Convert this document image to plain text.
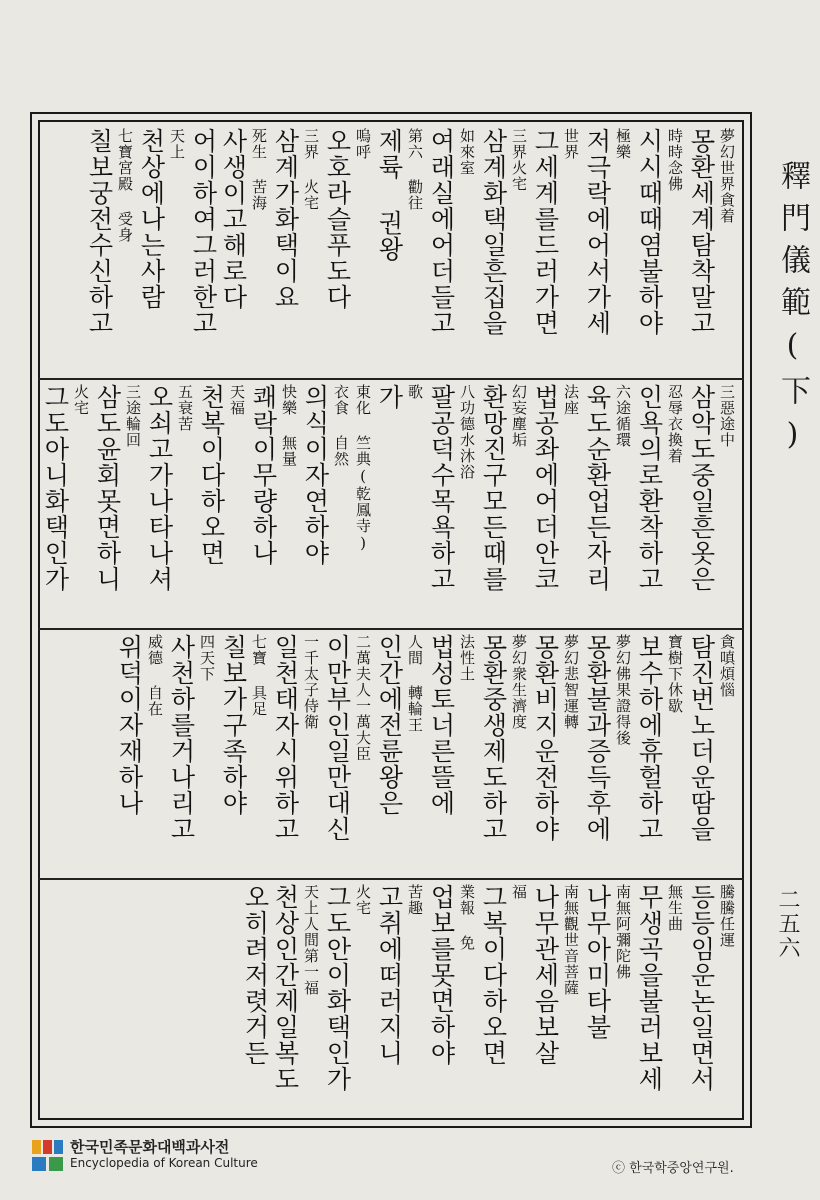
夢幻世界貪着
몽환세계탐착말고
時時念佛
시시때때염불하야
極樂
저극락에어서가세
世界
그세계를드러가면
三界火宅
삼계화택일흔집을
如來室
여래실에어더들고
第六 勸往
제륙 권왕
嗚呼
오호라슬푸도다
三界 火宅
삼계가화택이요
死生 苦海
사생이고해로다
어이하여그러한고
天上
천상에나는사람
七寶宮殿 受身
칠보궁전수신하고
三惡途中
삼악도중일흔옷은
忍辱衣換着
인욕의로환착하고
六途循環
육도순환업든자리
法座
법공좌에어더안코
幻妄塵垢
환망진구모든때를
八功德水沐浴
팔공덕수목욕하고
歌
가
東化 竺典(乾鳳寺)
衣食 自然
의식이자연하야
快樂 無量
쾌락이무량하나
天福
천복이다하오면
五衰苦
오쇠고가나타나셔
三途輪回
삼도윤회못면하니
火宅
그도아니화택인가
貪嗔煩惱
탐진번노더운땀을
寶樹下休歇
보수하에휴헐하고
夢幻佛果證得後
몽환불과증득후에
夢幻悲智運轉
몽환비지운전하야
夢幻衆生濟度
몽환중생제도하고
法性土
법성토너른뜰에
人間 轉輪王
인간에전륜왕은
二萬夫人一萬大臣
이만부인일만대신
一千太子侍衛
일천태자시위하고
七寶 具足
칠보가구족하야
四天下
사천하를거나리고
威德 自在
위덕이자재하나
騰騰任運
등등임운논일면서
無生曲
무생곡을불러보세
南無阿彌陀佛
나무아미타불
南無觀世音菩薩
나무관세음보살
福
그복이다하오면
業報 免
업보를못면하야
苦趣
고취에떠러지니
火宅
그도안이화택인가
天上人間第一福
천상인간제일복도
오히려저렷거든
釋門儀範(下)
二五六
한국민족문화대백과사전
Encyclopedia of Korean Culture	ⓒ 한국학중앙연구원.
